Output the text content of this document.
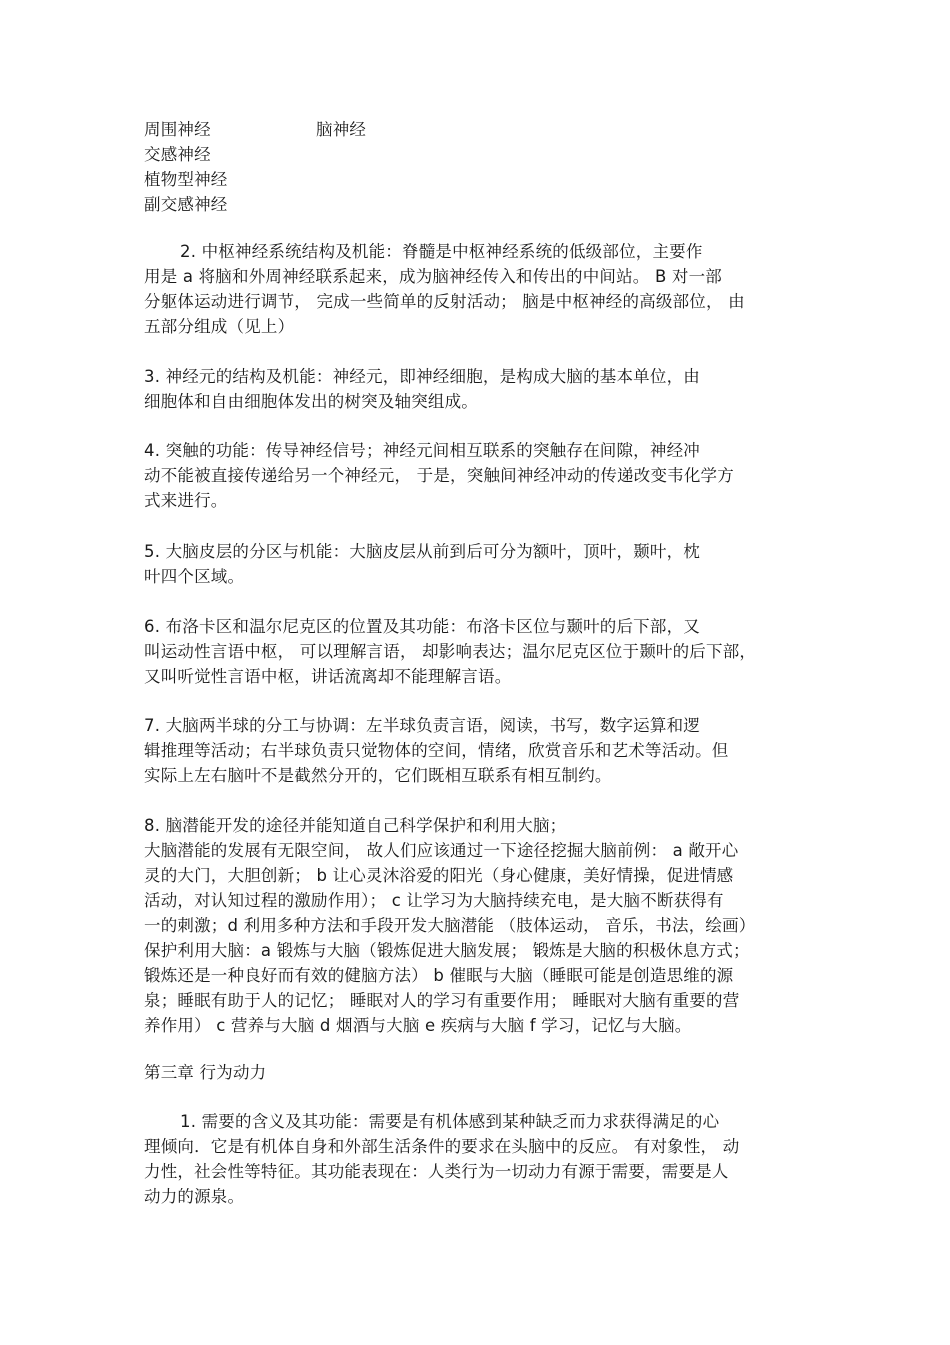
周围神经	脑神经
交感神经
植物型神经
副交感神经
2. 中枢神经系统结构及机能：脊髓是中枢神经系统的低级部位，主要作
用是 a 将脑和外周神经联系起来，成为脑神经传入和传出的中间站。 B 对一部
分躯体运动进行调节， 完成一些简单的反射活动； 脑是中枢神经的高级部位， 由
五部分组成（见上）
3. 神经元的结构及机能：神经元，即神经细胞，是构成大脑的基本单位，由
细胞体和自由细胞体发出的树突及轴突组成。
4. 突触的功能：传导神经信号；神经元间相互联系的突触存在间隙，神经冲
动不能被直接传递给另一个神经元， 于是，突触间神经冲动的传递改变韦化学方
式来进行。
5. 大脑皮层的分区与机能：大脑皮层从前到后可分为额叶，顶叶，颞叶，枕
叶四个区域。
6. 布洛卡区和温尔尼克区的位置及其功能：布洛卡区位与颞叶的后下部，又
叫运动性言语中枢， 可以理解言语， 却影响表达；温尔尼克区位于颞叶的后下部，
又叫听觉性言语中枢，讲话流离却不能理解言语。
7. 大脑两半球的分工与协调：左半球负责言语，阅读，书写，数字运算和逻
辑推理等活动；右半球负责只觉物体的空间，情绪，欣赏音乐和艺术等活动。但
实际上左右脑叶不是截然分开的，它们既相互联系有相互制约。
8. 脑潜能开发的途径并能知道自己科学保护和利用大脑；
大脑潜能的发展有无限空间， 故人们应该通过一下途径挖掘大脑前例： a 敞开心
灵的大门，大胆创新； b 让心灵沐浴爱的阳光（身心健康，美好情操，促进情感
活动，对认知过程的激励作用）； c 让学习为大脑持续充电，是大脑不断获得有
一的刺激；d 利用多种方法和手段开发大脑潜能 （肢体运动， 音乐，书法，绘画）
保护利用大脑：a 锻炼与大脑（锻炼促进大脑发展； 锻炼是大脑的积极休息方式；
锻炼还是一种良好而有效的健脑方法） b 催眠与大脑（睡眠可能是创造思维的源
泉；睡眠有助于人的记忆； 睡眠对人的学习有重要作用； 睡眠对大脑有重要的营
养作用） c 营养与大脑 d 烟酒与大脑 e 疾病与大脑 f 学习，记忆与大脑。
第三章 行为动力
1. 需要的含义及其功能：需要是有机体感到某种缺乏而力求获得满足的心
理倾向．它是有机体自身和外部生活条件的要求在头脑中的反应。 有对象性， 动
力性，社会性等特征。其功能表现在：人类行为一切动力有源于需要，需要是人
动力的源泉。
